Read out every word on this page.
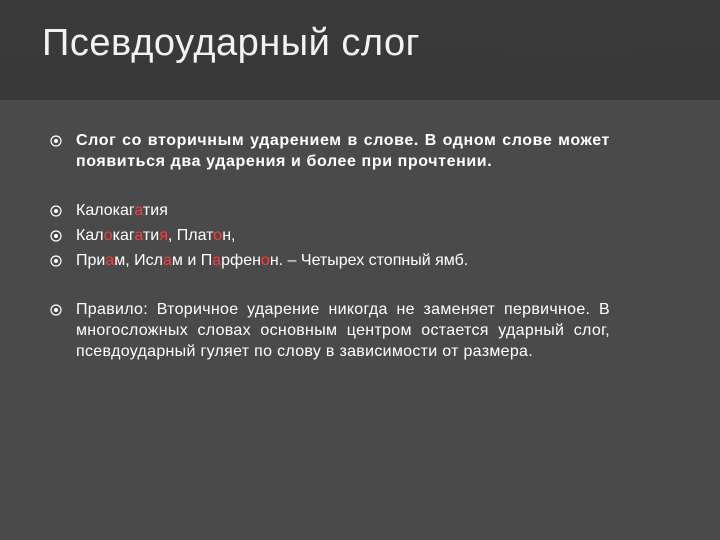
Псевдоударный слог
Слог со вторичным ударением в слове. В одном слове может появиться два ударения и более при прочтении.
Калокагатия
Калокагатия, Платон,
Приам, Ислам и Парфенон. – Четырех стопный ямб.
Правило: Вторичное ударение никогда не заменяет первичное. В многосложных словах основным центром остается ударный слог, псевдоударный гуляет по слову в зависимости от размера.
